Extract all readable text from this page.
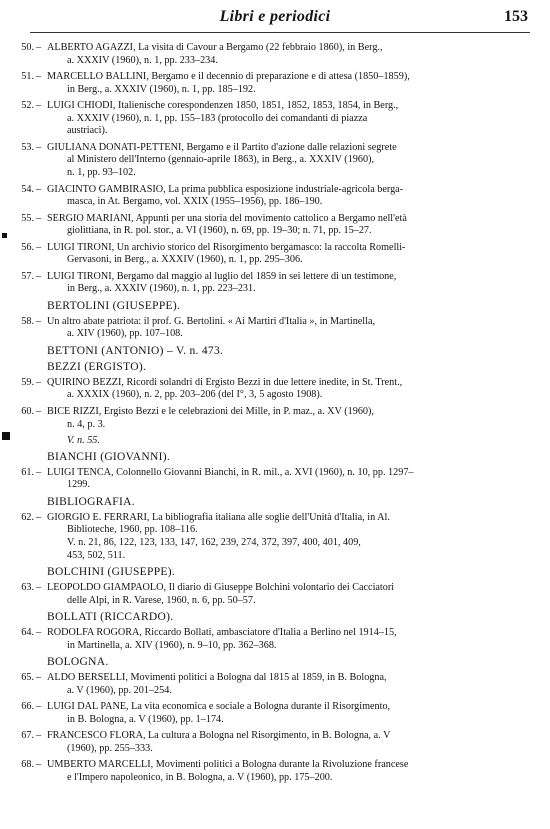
Libri e periodici	153
50. – ALBERTO AGAZZI, La visita di Cavour a Bergamo (22 febbraio 1860), in Berg.,
a. XXXIV (1960), n. 1, pp. 233–234.
51. – MARCELLO BALLINI, Bergamo e il decennio di preparazione e di attesa (1850–1859),
in Berg., a. XXXIV (1960), n. 1, pp. 185–192.
52. – LUIGI CHIODI, Italienische corespondenzen 1850, 1851, 1852, 1853, 1854, in Berg.,
a. XXXIV (1960), n. 1, pp. 155–183 (protocollo dei comandanti di piazza
austriaci).
53. – GIULIANA DONATI-PETTENI, Bergamo e il Partito d'azione dalle relazioni segrete
al Ministero dell'Interno (gennaio-aprile 1863), in Berg., a. XXXIV (1960),
n. 1, pp. 93–102.
54. – GIACINTO GAMBIRASIO, La prima pubblica esposizione industriale-agricola berga-
masca, in At. Bergamo, vol. XXIX (1955–1956), pp. 186–190.
55. – SERGIO MARIANI, Appunti per una storia del movimento cattolico a Bergamo nell'età
giolittiana, in R. pol. stor., a. VI (1960), n. 69, pp. 19–30; n. 71, pp. 15–27.
56. – LUIGI TIRONI, Un archivio storico del Risorgimento bergamasco: la raccolta Romelli-
Gervasoni, in Berg., a. XXXIV (1960), n. 1, pp. 295–306.
57. – LUIGI TIRONI, Bergamo dal maggio al luglio del 1859 in sei lettere di un testimone,
in Berg., a. XXXIV (1960), n. 1, pp. 223–231.
BERTOLINI (GIUSEPPE).
58. – Un altro abate patriota: il prof. G. Bertolini. « Ai Martiri d'Italia », in Martinella,
a. XIV (1960), pp. 107–108.
BETTONI (ANTONIO) – V. n. 473.
BEZZI (ERGISTO).
59. – QUIRINO BEZZI, Ricordi solandri di Ergisto Bezzi in due lettere inedite, in St. Trent.,
a. XXXIX (1960), n. 2, pp. 203–206 (del I°, 3, 5 agosto 1908).
60. – BICE RIZZI, Ergisto Bezzi e le celebrazioni dei Mille, in P. maz., a. XV (1960),
n. 4, p. 3.
V. n. 55.
BIANCHI (GIOVANNI).
61. – LUIGI TENCA, Colonnello Giovanni Bianchi, in R. mil., a. XVI (1960), n. 10, pp. 1297–
1299.
BIBLIOGRAFIA.
62. – GIORGIO E. FERRARI, La bibliografia italiana alle soglie dell'Unità d'Italia, in Al.
Biblioteche, 1960, pp. 108–116.
V. n. 21, 86, 122, 123, 133, 147, 162, 239, 274, 372, 397, 400, 401, 409,
453, 502, 511.
BOLCHINI (GIUSEPPE).
63. – LEOPOLDO GIAMPAOLO, Il diario di Giuseppe Bolchini volontario dei Cacciatori
delle Alpi, in R. Varese, 1960, n. 6, pp. 50–57.
BOLLATI (RICCARDO).
64. – RODOLFA ROGORA, Riccardo Bollati, ambasciatore d'Italia a Berlino nel 1914–15,
in Martinella, a. XIV (1960), n. 9–10, pp. 362–368.
BOLOGNA.
65. – ALDO BERSELLI, Movimenti politici a Bologna dal 1815 al 1859, in B. Bologna,
a. V (1960), pp. 201–254.
66. – LUIGI DAL PANE, La vita economica e sociale a Bologna durante il Risorgimento,
in B. Bologna, a. V (1960), pp. 1–174.
67. – FRANCESCO FLORA, La cultura a Bologna nel Risorgimento, in B. Bologna, a. V
(1960), pp. 255–333.
68. – UMBERTO MARCELLI, Movimenti politici a Bologna durante la Rivoluzione francese
e l'Impero napoleonico, in B. Bologna, a. V (1960), pp. 175–200.
